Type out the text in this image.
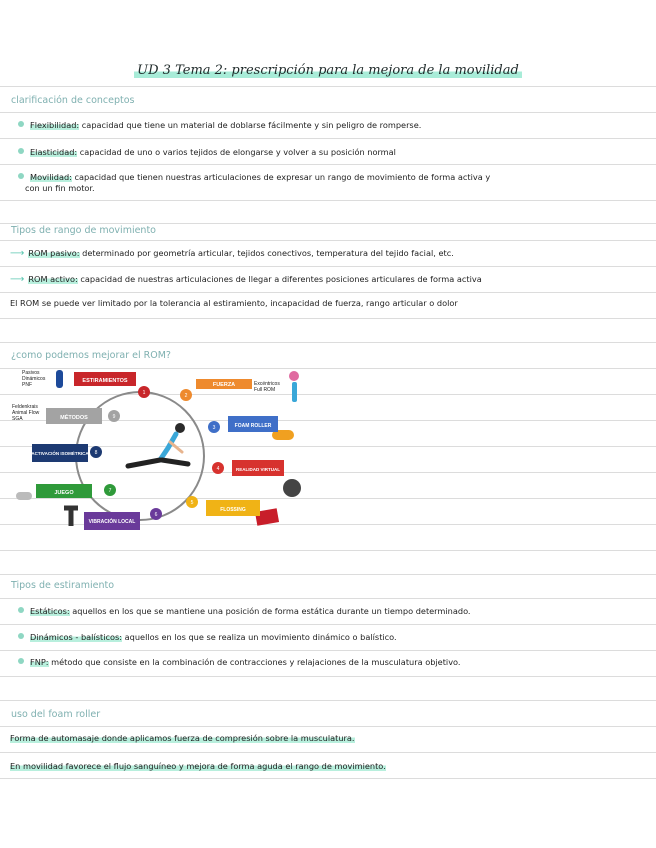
UD 3 Tema 2: prescripción para la mejora de la movilidad
clarificación de conceptos
Flexibilidad: capacidad que tiene un material de doblarse fácilmente y sin peligro de romperse.
Elasticidad: capacidad de uno o varios tejidos de elongarse y volver a su posición normal
Movilidad: capacidad que tienen nuestras articulaciones de expresar un rango de movimiento de forma activa y
con un fin motor.
Tipos de rango de movimiento
⟶ ROM pasivo: determinado por geometría articular, tejidos conectivos, temperatura del tejido facial, etc.
⟶ ROM activo: capacidad de nuestras articulaciones de llegar a diferentes posiciones articulares de forma activa
El ROM se puede ver limitado por la tolerancia al estiramiento, incapacidad de fuerza, rango articular o dolor
¿como podemos mejorar el ROM?
Pasivos
Dinámicos
PNF
Feldenkrais
Animal Flow
SGA
Excéntricos
Full ROM
ESTIRAMIENTOS
1
FUERZA
2
FOAM ROLLER
3
REALIDAD VIRTUAL
4
FLOSSING
5
VIBRACIÓN LOCAL
6
JUEGO	7
ACTIVACIÓN ISOMÉTRICA 8
MÉTODOS	9
Tipos de estiramiento
Estáticos: aquellos en los que se mantiene una posición de forma estática durante un tiempo determinado.
Dinámicos - balísticos: aquellos en los que se realiza un movimiento dinámico o balístico.
FNP: método que consiste en la combinación de contracciones y relajaciones de la musculatura objetivo.
uso del foam roller
Forma de automasaje donde aplicamos fuerza de compresión sobre la musculatura.
En movilidad favorece el flujo sanguíneo y mejora de forma aguda el rango de movimiento.
